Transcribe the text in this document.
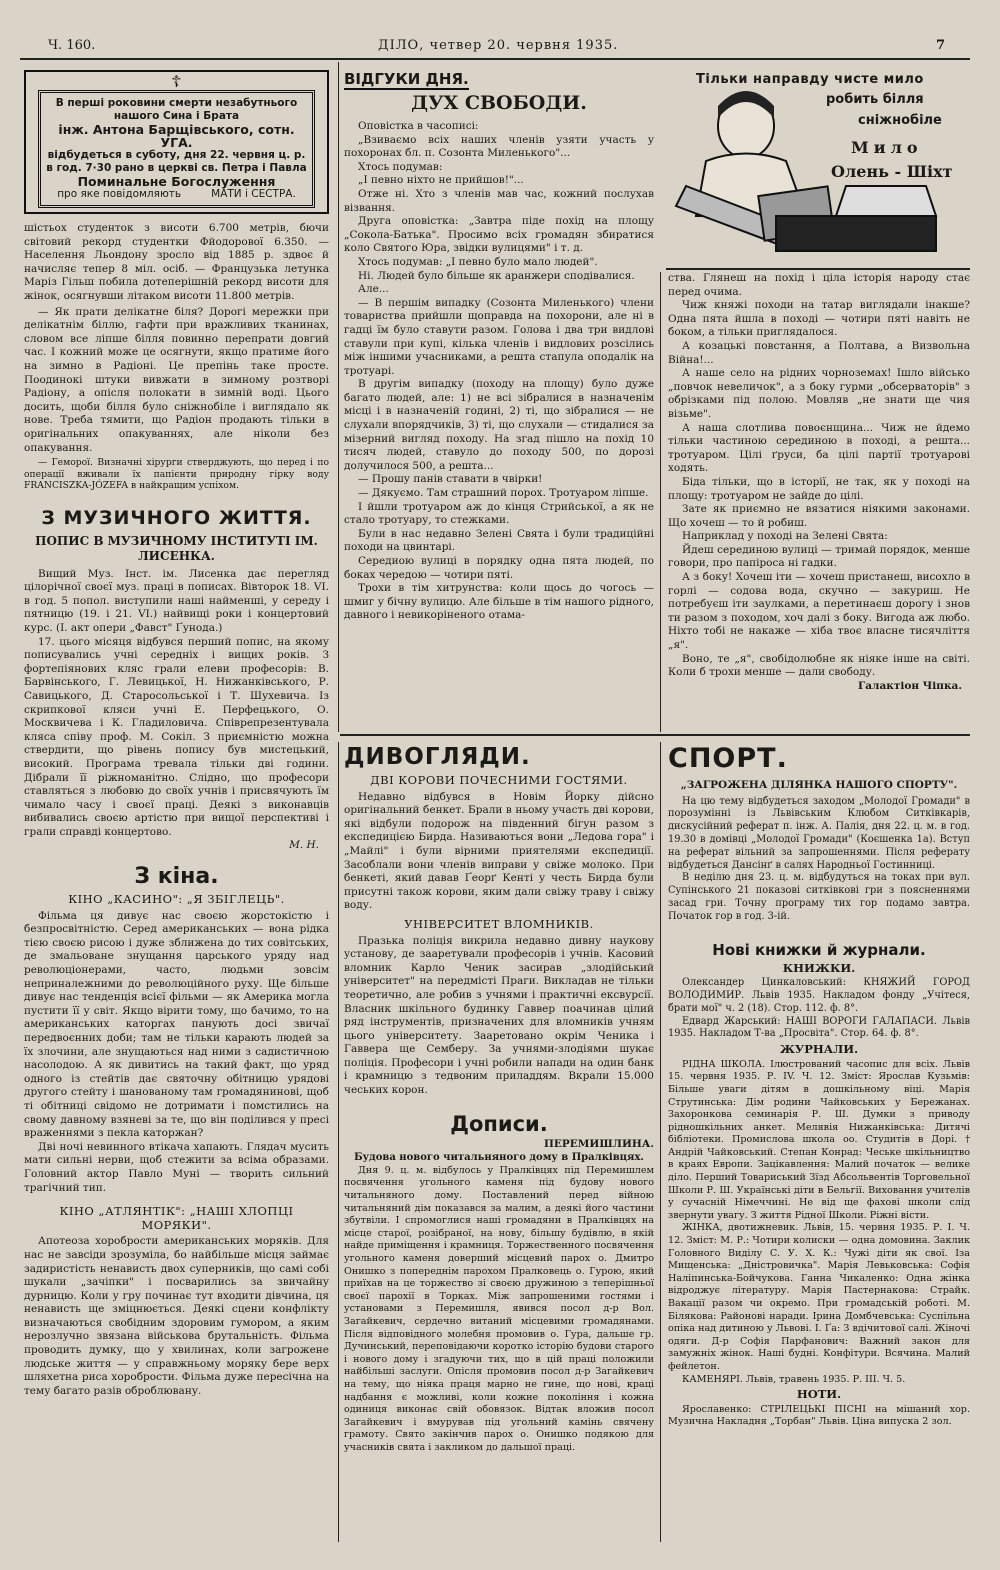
Ч. 160.	ДІЛО, четвер 20. червня 1935.	7
☦
В перші роковини смерти незабутнього
нашого Сина і Брата
інж. Антона Барщівського, сотн. УГА.
відбудеться в суботу, дня 22. червня ц. р.
в год. 7·30 рано в церкві св. Петра і Павла
Поминальне Богослуження
про яке повідомляють         МАТИ і СЕСТРА.

шістьох студенток з висоти 6.700 метрів, бючи світовий рекорд студентки Фйодорової 6.350. — Населення Льондону зросло від 1885 р. здвоє й начисляє тепер 8 міл. осіб. — Французька летунка Маріз Гільш побила дотеперішній рекорд висоти для жінок, осягнувши літаком висоти 11.800 метрів.

— Як прати делікатне біля? Дорогі мережки при делікатнім біллю, гафти при вражливих тканинах, словом все ліпше білля повинно перепрати довгий час. І кожний може це осягнути, якщо пратиме його на зимно в Радіоні. Це препінь таке просте. Поодинокі штуки вивжати в зимному розтворі Радіону, а опісля полокати в зимній воді. Цього досить, щоби білля було сніжнобіле і виглядало як нове. Треба тямити, що Радіон продають тільки в оригінальних опакуваннях, але ніколи без опакування.

— Геморої. Визначні хірурги стверджують, що перед і по операції вживали їх папієнти природну гірку воду FRANCISZKA-JÓZEFA в найкращим успіхом.

З МУЗИЧНОГО ЖИТТЯ.
ПОПИС В МУЗИЧНОМУ ІНСТИТУТІ ІМ. ЛИСЕНКА.

Вищий Муз. Інст. ім. Лисенка дає перегляд цілорічної своєї муз. праці в пописах. Вівторок 18. VI. в год. 5 попол. виступили наші найменші, у середу і пятницю (19. і 21. VI.) найвищі роки і концертовий курс. (І. акт опери „Фавст" Ґунода.)

17. цього місяця відбувся перший попис, на якому пописувались учні середніх і вищих років. З фортепіянових кляс грали елеви професорів: В. Барвінського, Г. Левицької, Н. Нижанківського, Р. Савицького, Д. Старосольської і Т. Шухевича. Із скрипкової кляси учні Е. Перфецького, О. Москвичева і К. Гладиловича. Співрепрезентувала кляса співу проф. М. Сокіл. З приємністю можна ствердити, що рівень попису був мистецький, високий. Програма тревала тільки дві години. Дібрали її ріжноманітно. Слідно, що професори ставляться з любовю до своїх учнів і присвячують їм чимало часу і своєї праці. Деякі з виконавців вибивались своєю артістю при вищої перспективі і грали справді концертово.

М. Н.
З кіна.
КІНО „КАСИНО": „Я ЗБІГЛЕЦЬ".

Фільма ця дивує нас своєю жорстокістю і безпросвітністю. Серед американських — вона рідка тією своєю рисою і дуже зближена до тих совітських, де змальоване знущання царського уряду над революціонерами, часто, людьми зовсім неприналежними до революційного руху. Ще більше дивує нас тенденція всієї фільми — як Америка могла пустити її у світ. Якщо вірити тому, що бачимо, то на американських каторгах панують досі звичаї передвоєнних доби; там не тільки карають людей за їх злочини, але знущаються над ними з садистичною насолодою. А як дивитись на такий факт, що уряд одного із стейтів дає святочну обітницю урядові другого стейту і шанованому там громадянинові, щоб ті обітниці свідомо не дотримати і помстились на свому давному взяневі за те, що він поділився у пресі враженнями з пекла каторжан?

Дві ночі невинного втікача хапають. Глядач мусить мати сильні нерви, щоб стежити за всіма образами. Головний актор Павло Муні — творить сильний трагічний тип.

КІНО „АТЛЯНТІК": „НАШІ ХЛОПЦІ МОРЯКИ".

Апотеоза хоробрости американських моряків. Для нас не завсіди зрозуміла, бо найбільше місця займає задиристість ненависть двох суперників, що самі собі шукали „зачіпки" і посварились за звичайну дурницю. Коли у гру починає тут входити дівчина, ця ненависть ще зміцнюється. Деякі сцени конфлікту визначаються свобідним здоровим гумором, а яким нерозлучно звязана військова брутальність. Фільма проводить думку, що у хвилинах, коли загрожене людське життя — у справжньому моряку бере верх шляхетна риса хоробрости. Фільма дуже пересічна на тему багато разів оброблювану.

ВІДГУКИ ДНЯ.
ДУХ СВОБОДИ.

Оповістка в часописі:

„Взиваємо всіх наших членів узяти участь у похоронах бл. п. Созонта Миленького"...

Хтось подумав:

„І певно ніхто не прийшов!"...

Отже ні. Хто з членів мав час, кожний послухав візвання.

Друга оповістка: „Завтра піде похід на площу „Сокола-Батька". Просимо всіх громадян збиратися коло Святого Юра, звідки вулицями" і т. д.

Хтось подумав: „І певно було мало людей".

Ні. Людей було більше як аранжери сподівалися.

Але...

— В першім випадку (Созонта Миленького) члени товариства прийшли щоправда на похорони, але ні в гадці їм було ставути разом. Голова і два три видлові ставули при купі, кілька членів і видлових розсілись між іншими учасниками, а решта стапула оподалік на тротуарі.

В другім випадку (походу на площу) було дуже багато людей, але: 1) не всі зібралися в назначенім місці і в назначеній годині, 2) ті, що зібралися — не слухали впорядчиків, 3) ті, що слухали — стидалися за мізерний вигляд походу. На згад пішло на похід 10 тисяч людей, ставуло до походу 500, по дорозі долучилося 500, а решта...

— Прошу панів ставати в чвірки!

— Дякуємо. Там страшний порох. Тротуаром ліпше.

І йшли тротуаром аж до кінця Стрийської, а як не стало тротуару, то стежками.

Були в нас недавно Зелені Свята і були традиційні походи на цвинтарі.

Середиою вулиці в порядку одна пята людей, по боках чередою — чотири пяті.

Трохи в тім хитрунства: коли щось до чогось — шмиг у бічну вулицю. Але більше в тім нашого рідного, давного і невикоріненого отама-

Тільки направду чисте мило
робить білля
сніжнобіле
Мило
Олень - Шіхт

ства. Глянеш на похід і ціла історія народу стає перед очима.

Чиж княжі походи на татар виглядали інакше? Одна пята йшла в поході — чотири пяті навіть не боком, а тільки приглядалося.

А козацькі повстання, а Полтава, а Визвольна Війна!...

А наше село на рідних чорноземах! Ішло військо „повчок невеличок", а з боку гурми „обсерваторів" з обрізками під полою. Мовляв „не знати ще чия візьме".

А наша слотлива повоєнщина... Чиж не йдемо тільки частиною серединою в поході, а решта... тротуаром. Цілі ґруси, ба цілі партії тротуарові ходять.

Біда тільки, що в історії, не так, як у поході на площу: тротуаром не зайде до цілі.

Зате як приємно не вязатися ніякими законами. Що хочеш — то й робиш.

Наприклад у поході на Зелені Свята:

Йдеш серединою вулиці — тримай порядок, менше говори, про папіроса ні гадки.

А з боку! Хочеш іти — хочеш пристанеш, висохло в горлі — содова вода, скучно — закуриш. Не потребуєш іти заулками, а перетинаєш дорогу і знов ти разом з походом, хоч далі з боку. Вигода аж любо. Ніхто тобі не накаже — хіба твоє власне тисячліття „я".

Воно, те „я", свобідолюбне як ніяке інше на світі. Коли б трохи менше — дали свободу.

Галактіон Чіпка.
ДИВОГЛЯДИ.
ДВІ КОРОВИ ПОЧЕСНИМИ ГОСТЯМИ.

Недавно відбувся в Новім Йорку дійсно оригінальний бенкет. Брали в ньому участь дві корови, які відбули подорож на південний бігун разом з експедицією Бирда. Називаються вони „Ледова гора" і „Майлі" і були вірними приятелями експедиції. Засоблали вони членів виправи у свіже молоко. При бенкеті, який давав Ґеорґ Кенті у честь Бирда були присутні також корови, яким дали свіжу траву і свіжу воду.

УНІВЕРСИТЕТ ВЛОМНИКІВ.

Празька поліція викрила недавно дивну наукову установу, де зааретували професорів і учнів. Касовий вломник Карло Ченик засирав „злодійський університет" на передмісті Праги. Викладав не тільки теоретично, але робив з учнями і практичні ексвурсії. Власник шкільного будинку Гаввер поачинав цілий ряд інструментів, призначених для вломників учням цього університету. Зааретовано окрім Ченика і Гаввера ще Семберу. За учнями-злодіями шукає поліція. Професори і учні робили напади на один банк і крамницю з тедвоним приладдям. Вкрали 15.000 чеських корон.

Дописи.
ПЕРЕМИШЛИНА.
Будова нового читальняного дому в Пралківцях.

Дня 9. ц. м. відбулось у Пралківцях під Перемишлем посвячення угольного каменя під будову нового читальняного дому. Поставлений перед війною читальняний дім показався за малим, а деякі його частини збутвіли. І спромоглися наші громадяни в Пралківцях на місце старої, розібраної, на нову, більшу будівлю, в якій найде приміщення і крамниця. Торжественного посвячення угольного каменя доверший місцевий парох о. Дмитро Онишко з попереднім парохом Пралковець о. Гурою, який приїхав на це торжество зі своєю дружиною з теперішньої своєї парохії в Торках. Між запрошеними гостями і установами з Перемишля, явився посол д-р Вол. Загайкевич, сердечно витаний місцевими громадянами. Після відповідного молебня промовив о. Гура, дальше гр. Дучинський, переповідаючи коротко історію будови старого і нового дому і згадуючи тих, що в цій праці положили найбільші заслуги. Опісля промовив посол д-р Загайкевич на тему, що ніяка праця марно не гине, що нові, краці надбання є можливі, коли кожне покоління і кожна одиниця виконає свій обовязок. Відтак вложив посол Загайкевич і вмурував під угольний камінь свячену грамоту. Свято закінчив парох о. Онишко подякою для учасників свята і закликом до дальшої праці.

СПОРТ.
„ЗАГРОЖЕНА ДІЛЯНКА НАШОГО СПОРТУ".

На цю тему відбудеться заходом „Молодої Громади" в порозумінні із Львівським Клюбом Ситківкарів, дискусійний реферат п. інж. А. Палія, дня 22. ц. м. в год. 19.30 в домівці „Молодої Громади" (Коєшенка 1а). Вступ на реферат вільний за запрошеннями. Після реферату відбудеться Данcінґ в салях Народньої Гостинниці.

В неділю дня 23. ц. м. відбудуться на токах при вул. Супінського 21 показові ситківкові гри з поясненнями засад гри. Точну програму тих гор подамо завтра. Початок гор в год. 3-ій.

Нові книжки й журнали.
КНИЖКИ.

Олександер Цинкаловський: КНЯЖИЙ ГОРОД ВОЛОДИМИР. Львів 1935. Накладом фонду „Учітеся, брати мої" ч. 2 (18). Стор. 112. ф. 8°.

Едвард Жарський: НАШІ ВОРОГИ ГАЛАПАСИ. Львів 1935. Накладом Т-ва „Просвіта". Стор. 64. ф. 8°.

ЖУРНАЛИ.

РІДНА ШКОЛА. Ілюстрований часопис для всіх. Львів 15. червня 1935. Р. IV. Ч. 12. Зміст: Ярослав Кузьмів: Більше уваги дітям в дошкільному віці. Марія Струтинська: Дім родини Чайковських у Бережанах. Захоронкова семинарія Р. Ш. Думки з приводу рідношкільних анкет. Мелявія Нижанківська: Дитячі бібліотеки. Промислова школа оо. Студитів в Дорі. † Андрій Чайковський. Степан Конрад: Чеське шкільництво в краях Европи. Зацікавлення: Малий початок — велике діло. Перший Товариський Зїзд Абсольвентів Торговельної Школи Р. Ш. Українські діти в Бельгії. Виховання учителів у сучасній Німеччині. Не від ще фахові школи слід звернути увагу. З життя Рідної Школи. Ріжні вісти.

ЖІНКА, двотижневик. Львів, 15. червня 1935. Р. I. Ч. 12. Зміст: М. Р.: Чотири колиски — одна домовина. Заклик Головного Виділу С. У. Х. К.: Чужі діти як свої. Іза Мищенська: „Дністровичка". Марія Левьковська: Софія Наліпинська-Бойчукова. Ганна Чикаленко: Одна жінка відроджує літературу. Марія Пастернакова: Страйк. Вакації разом чи окремо. При громадській роботі. М. Білякова: Районові наради. Ірина Домбчевська: Суспільна опіка над дитиною у Львові. І. Ґа: З вдічитової салі. Жіночі одяги. Д-р Софія Парфанович: Важний закон для замужніх жінок. Наші будні. Конфітури. Всячина. Малий фейлетон.

КАМЕНЯРІ. Львів, травень 1935. Р. III. Ч. 5.

НОТИ.

Ярославенко: СТРІЛЕЦЬКІ ПІСНІ на мішаний хор. Музична Накладня „Торбан" Львів. Ціна випуска 2 зол.
